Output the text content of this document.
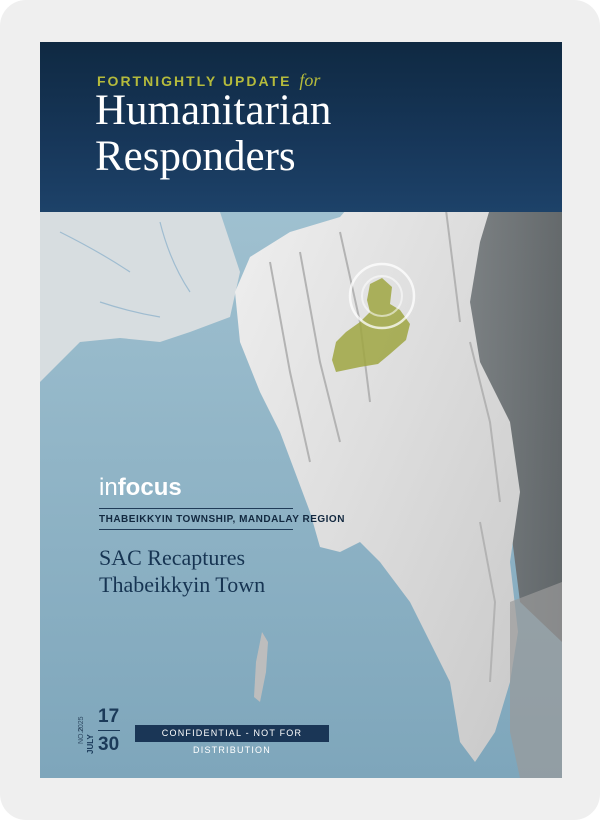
FORTNIGHTLY UPDATE for
Humanitarian
Responders
infocus
THABEIKKYIN TOWNSHIP, MANDALAY REGION
SAC Recaptures
Thabeikkyin Town
NO.2
2025
JULY
17
30
CONFIDENTIAL - NOT FOR DISTRIBUTION
